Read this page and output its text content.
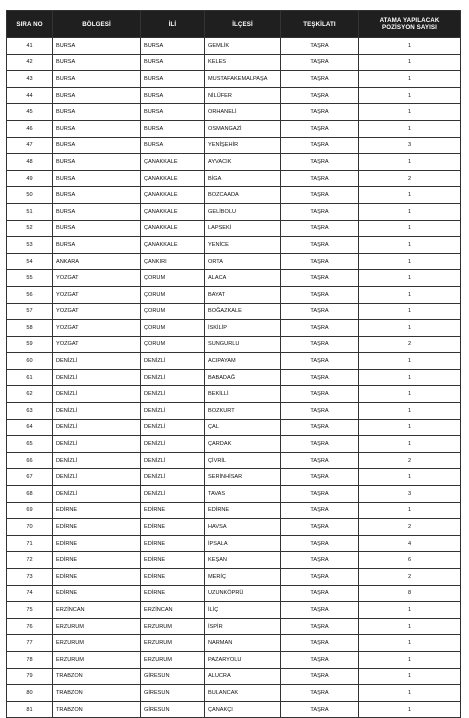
SIRA NO	BÖLGESİ	İLİ	İLÇESİ	TEŞKİLATI	ATAMA YAPILACAK
POZİSYON SAYISI
41	BURSA	BURSA	GEMLİK	TAŞRA	1
42	BURSA	BURSA	KELES	TAŞRA	1
43	BURSA	BURSA	MUSTAFAKEMALPAŞA	TAŞRA	1
44	BURSA	BURSA	NİLÜFER	TAŞRA	1
45	BURSA	BURSA	ORHANELİ	TAŞRA	1
46	BURSA	BURSA	OSMANGAZİ	TAŞRA	1
47	BURSA	BURSA	YENİŞEHİR	TAŞRA	3
48	BURSA	ÇANAKKALE	AYVACIK	TAŞRA	1
49	BURSA	ÇANAKKALE	BİGA	TAŞRA	2
50	BURSA	ÇANAKKALE	BOZCAADA	TAŞRA	1
51	BURSA	ÇANAKKALE	GELİBOLU	TAŞRA	1
52	BURSA	ÇANAKKALE	LAPSEKİ	TAŞRA	1
53	BURSA	ÇANAKKALE	YENİCE	TAŞRA	1
54	ANKARA	ÇANKIRI	ORTA	TAŞRA	1
55	YOZGAT	ÇORUM	ALACA	TAŞRA	1
56	YOZGAT	ÇORUM	BAYAT	TAŞRA	1
57	YOZGAT	ÇORUM	BOĞAZKALE	TAŞRA	1
58	YOZGAT	ÇORUM	İSKİLİP	TAŞRA	1
59	YOZGAT	ÇORUM	SUNGURLU	TAŞRA	2
60	DENİZLİ	DENİZLİ	ACIPAYAM	TAŞRA	1
61	DENİZLİ	DENİZLİ	BABADAĞ	TAŞRA	1
62	DENİZLİ	DENİZLİ	BEKİLLİ	TAŞRA	1
63	DENİZLİ	DENİZLİ	BOZKURT	TAŞRA	1
64	DENİZLİ	DENİZLİ	ÇAL	TAŞRA	1
65	DENİZLİ	DENİZLİ	ÇARDAK	TAŞRA	1
66	DENİZLİ	DENİZLİ	ÇİVRİL	TAŞRA	2
67	DENİZLİ	DENİZLİ	SERİNHİSAR	TAŞRA	1
68	DENİZLİ	DENİZLİ	TAVAS	TAŞRA	3
69	EDİRNE	EDİRNE	EDİRNE	TAŞRA	1
70	EDİRNE	EDİRNE	HAVSA	TAŞRA	2
71	EDİRNE	EDİRNE	İPSALA	TAŞRA	4
72	EDİRNE	EDİRNE	KEŞAN	TAŞRA	6
73	EDİRNE	EDİRNE	MERİÇ	TAŞRA	2
74	EDİRNE	EDİRNE	UZUNKÖPRÜ	TAŞRA	8
75	ERZİNCAN	ERZİNCAN	İLİÇ	TAŞRA	1
76	ERZURUM	ERZURUM	İSPİR	TAŞRA	1
77	ERZURUM	ERZURUM	NARMAN	TAŞRA	1
78	ERZURUM	ERZURUM	PAZARYOLU	TAŞRA	1
79	TRABZON	GİRESUN	ALUCRA	TAŞRA	1
80	TRABZON	GİRESUN	BULANCAK	TAŞRA	1
81	TRABZON	GİRESUN	ÇANAKÇI	TAŞRA	1
